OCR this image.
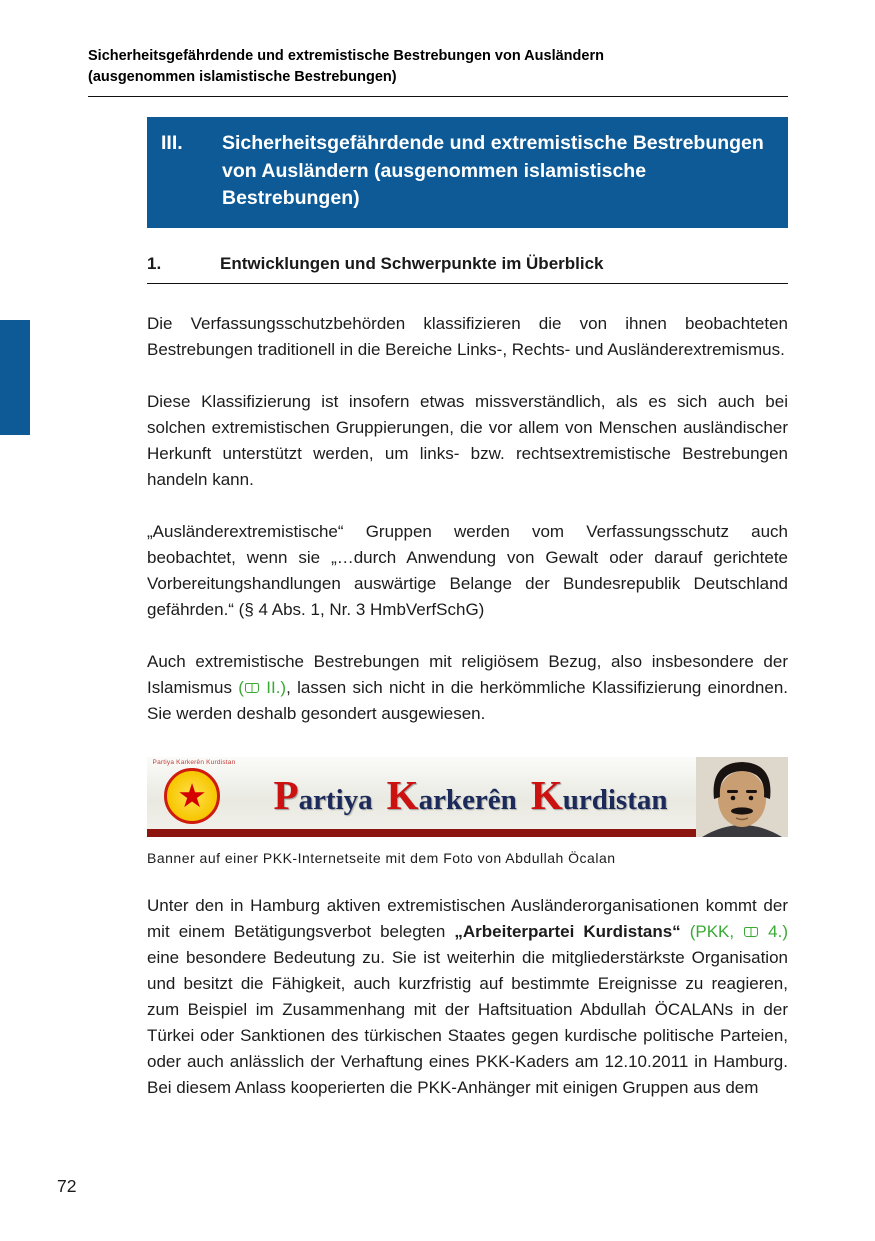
Sicherheitsgefährdende und extremistische Bestrebungen von Ausländern
(ausgenommen islamistische Bestrebungen)
III.	Sicherheitsgefährdende und extremistische Bestrebungen von Ausländern (ausgenommen islamistische Bestrebungen)
1.	Entwicklungen und Schwerpunkte im Überblick

Die Verfassungsschutzbehörden klassifizieren die von ihnen beobachteten Bestrebungen traditionell in die Bereiche Links-, Rechts- und Ausländerextremismus.

Diese Klassifizierung ist insofern etwas missverständlich, als es sich auch bei solchen extremistischen Gruppierungen, die vor allem von Menschen ausländischer Herkunft unterstützt werden, um links- bzw. rechtsextremistische Bestrebungen handeln kann.

„Ausländerextremistische“ Gruppen werden vom Verfassungsschutz auch beobachtet, wenn sie „…durch Anwendung von Gewalt oder darauf gerichtete Vorbereitungshandlungen auswärtige Belange der Bundesrepublik Deutschland gefährden.“ (§ 4 Abs. 1, Nr. 3 HmbVerfSchG)

Auch extremistische Bestrebungen mit religiösem Bezug, also insbesondere der Islamismus ( II.), lassen sich nicht in die herkömmliche Klassifizierung einordnen. Sie werden deshalb gesondert ausgewiesen.

Partiya Karkerên Kurdistan
★	Partiya Karkerên Kurdistan
Banner auf einer PKK-Internetseite mit dem Foto von Abdullah Öcalan

Unter den in Hamburg aktiven extremistischen Ausländerorganisationen kommt der mit einem Betätigungsverbot belegten „Arbeiterpartei Kurdistans“ (PKK,  4.) eine besondere Bedeutung zu. Sie ist weiterhin die mitgliederstärkste Organisation und besitzt die Fähigkeit, auch kurzfristig auf bestimmte Ereignisse zu reagieren, zum Beispiel im Zusammenhang mit der Haftsituation Abdullah ÖCALANs in der Türkei oder Sanktionen des türkischen Staates gegen kurdische politische Parteien, oder auch anlässlich der Verhaftung eines PKK-Kaders am 12.10.2011 in Hamburg. Bei diesem Anlass kooperierten die PKK-Anhänger mit einigen Gruppen aus dem

72
